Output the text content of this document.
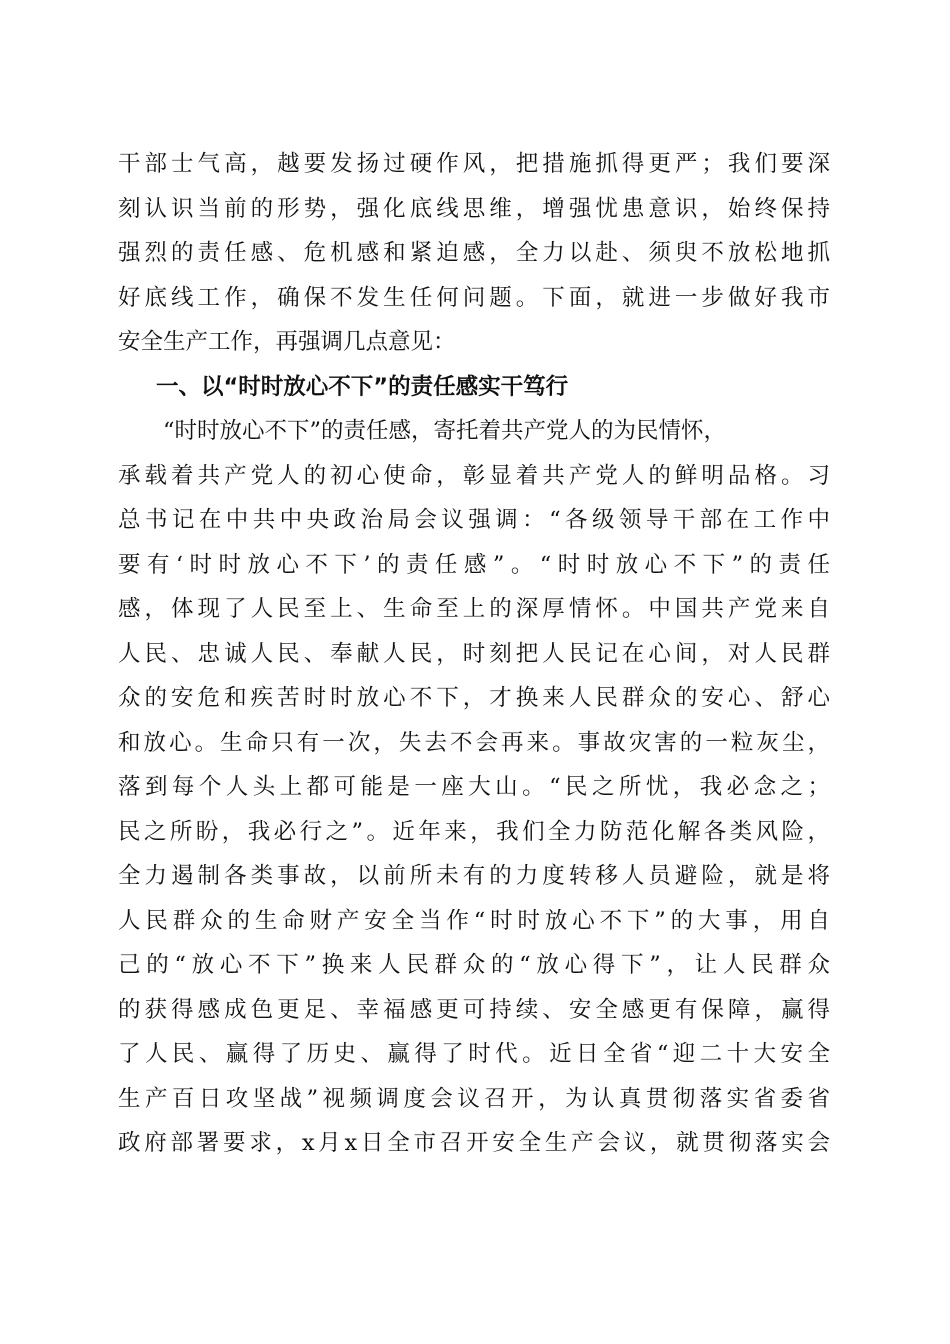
干部士气高，越要发扬过硬作风，把措施抓得更严；我们要深
刻认识当前的形势，强化底线思维，增强忧患意识，始终保持
强烈的责任感、危机感和紧迫感，全力以赴、须臾不放松地抓
好底线工作，确保不发生任何问题。下面，就进一步做好我市
安全生产工作，再强调几点意见：
一、以“时时放心不下”的责任感实干笃行
“时时放心不下”的责任感，寄托着共产党人的为民情怀，
承载着共产党人的初心使命，彰显着共产党人的鲜明品格。习
总书记在中共中央政治局会议强调：“各级领导干部在工作中
要有‘时时放心不下’的责任感”。“时时放心不下”的责任
感，体现了人民至上、生命至上的深厚情怀。中国共产党来自
人民、忠诚人民、奉献人民，时刻把人民记在心间，对人民群
众的安危和疾苦时时放心不下，才换来人民群众的安心、舒心
和放心。生命只有一次，失去不会再来。事故灾害的一粒灰尘，
落到每个人头上都可能是一座大山。“民之所忧，我必念之；
民之所盼，我必行之”。近年来，我们全力防范化解各类风险，
全力遏制各类事故，以前所未有的力度转移人员避险，就是将
人民群众的生命财产安全当作“时时放心不下”的大事，用自
己的“放心不下”换来人民群众的“放心得下”，让人民群众
的获得感成色更足、幸福感更可持续、安全感更有保障，赢得
了人民、赢得了历史、赢得了时代。近日全省“迎二十大安全
生产百日攻坚战”视频调度会议召开，为认真贯彻落实省委省
政府部署要求，x月x日全市召开安全生产会议，就贯彻落实会
